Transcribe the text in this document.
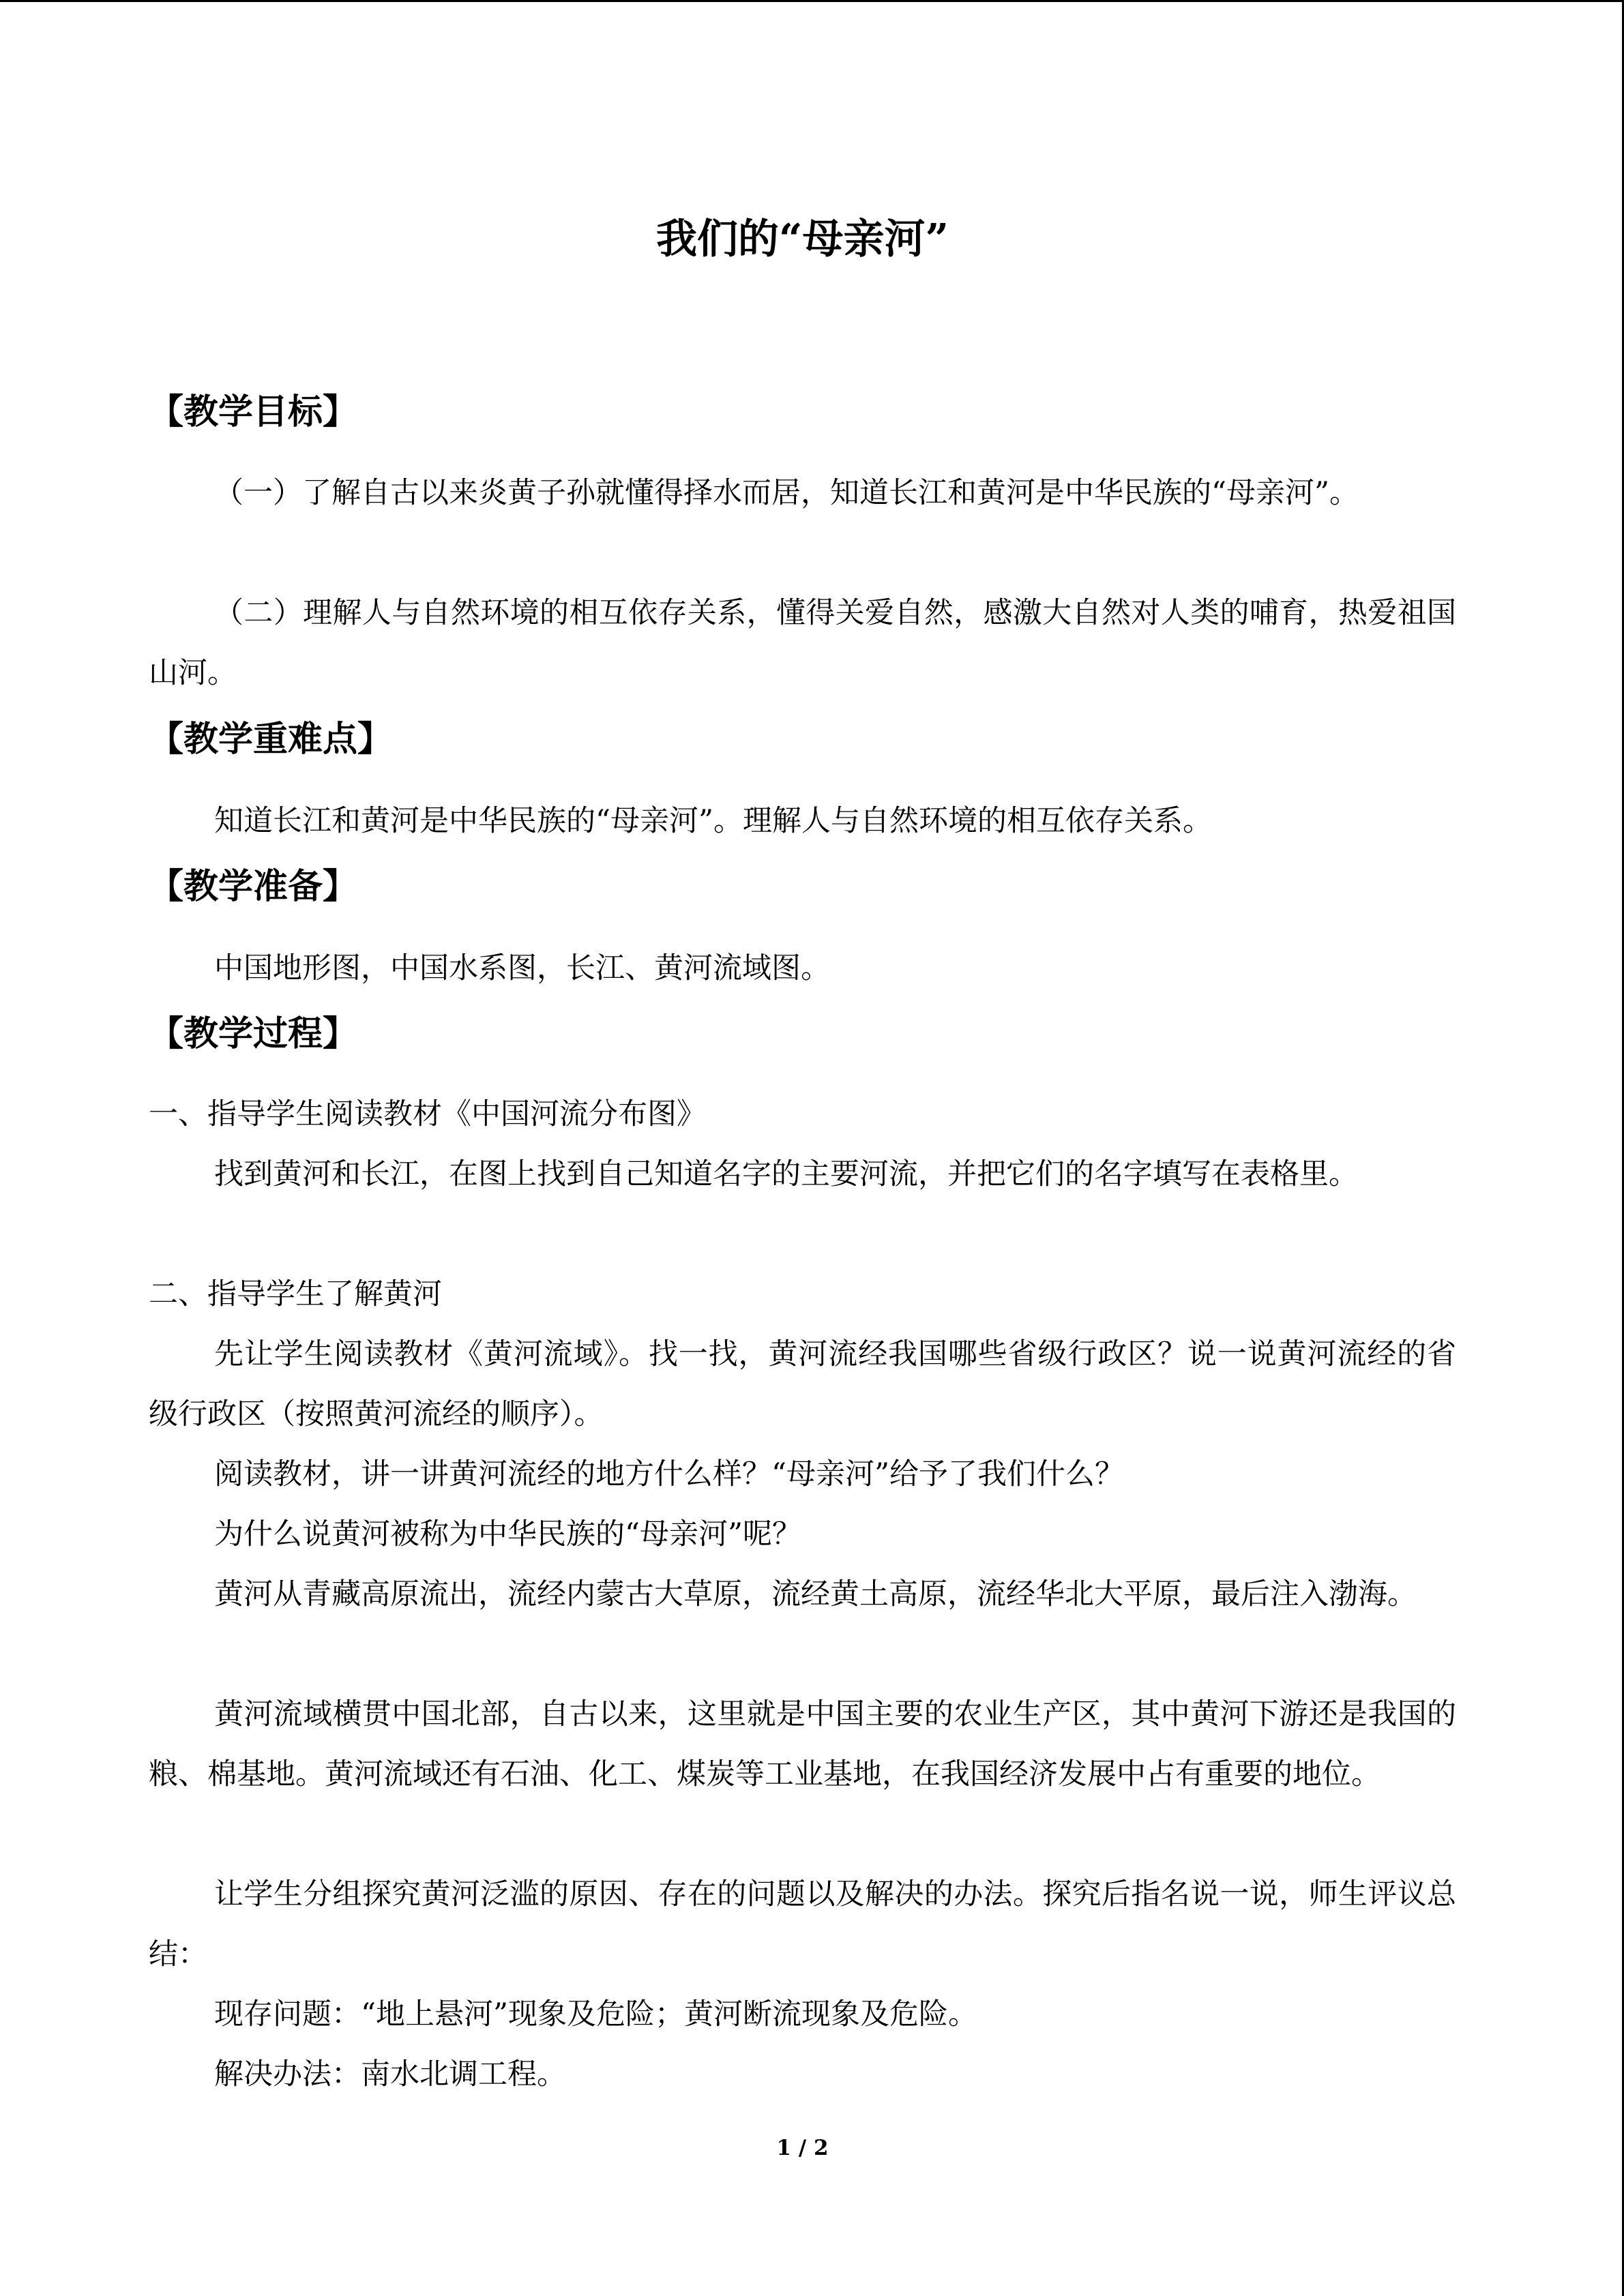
我们的“母亲河”
【教学目标】
（一）了解自古以来炎黄子孙就懂得择水而居，知道长江和黄河是中华民族的“母亲河”。
（二）理解人与自然环境的相互依存关系，懂得关爱自然，感激大自然对人类的哺育，热爱祖国山河。
【教学重难点】
知道长江和黄河是中华民族的“母亲河”。理解人与自然环境的相互依存关系。
【教学准备】
中国地形图，中国水系图，长江、黄河流域图。
【教学过程】
一、指导学生阅读教材《中国河流分布图》
找到黄河和长江，在图上找到自己知道名字的主要河流，并把它们的名字填写在表格里。
二、指导学生了解黄河
先让学生阅读教材《黄河流域》。找一找，黄河流经我国哪些省级行政区？说一说黄河流经的省级行政区（按照黄河流经的顺序）。
阅读教材，讲一讲黄河流经的地方什么样？“母亲河”给予了我们什么？
为什么说黄河被称为中华民族的“母亲河”呢？
黄河从青藏高原流出，流经内蒙古大草原，流经黄土高原，流经华北大平原，最后注入渤海。
黄河流域横贯中国北部，自古以来，这里就是中国主要的农业生产区，其中黄河下游还是我国的粮、棉基地。黄河流域还有石油、化工、煤炭等工业基地，在我国经济发展中占有重要的地位。
让学生分组探究黄河泛滥的原因、存在的问题以及解决的办法。探究后指名说一说，师生评议总结：
现存问题：“地上悬河”现象及危险；黄河断流现象及危险。
解决办法：南水北调工程。
1 / 2
